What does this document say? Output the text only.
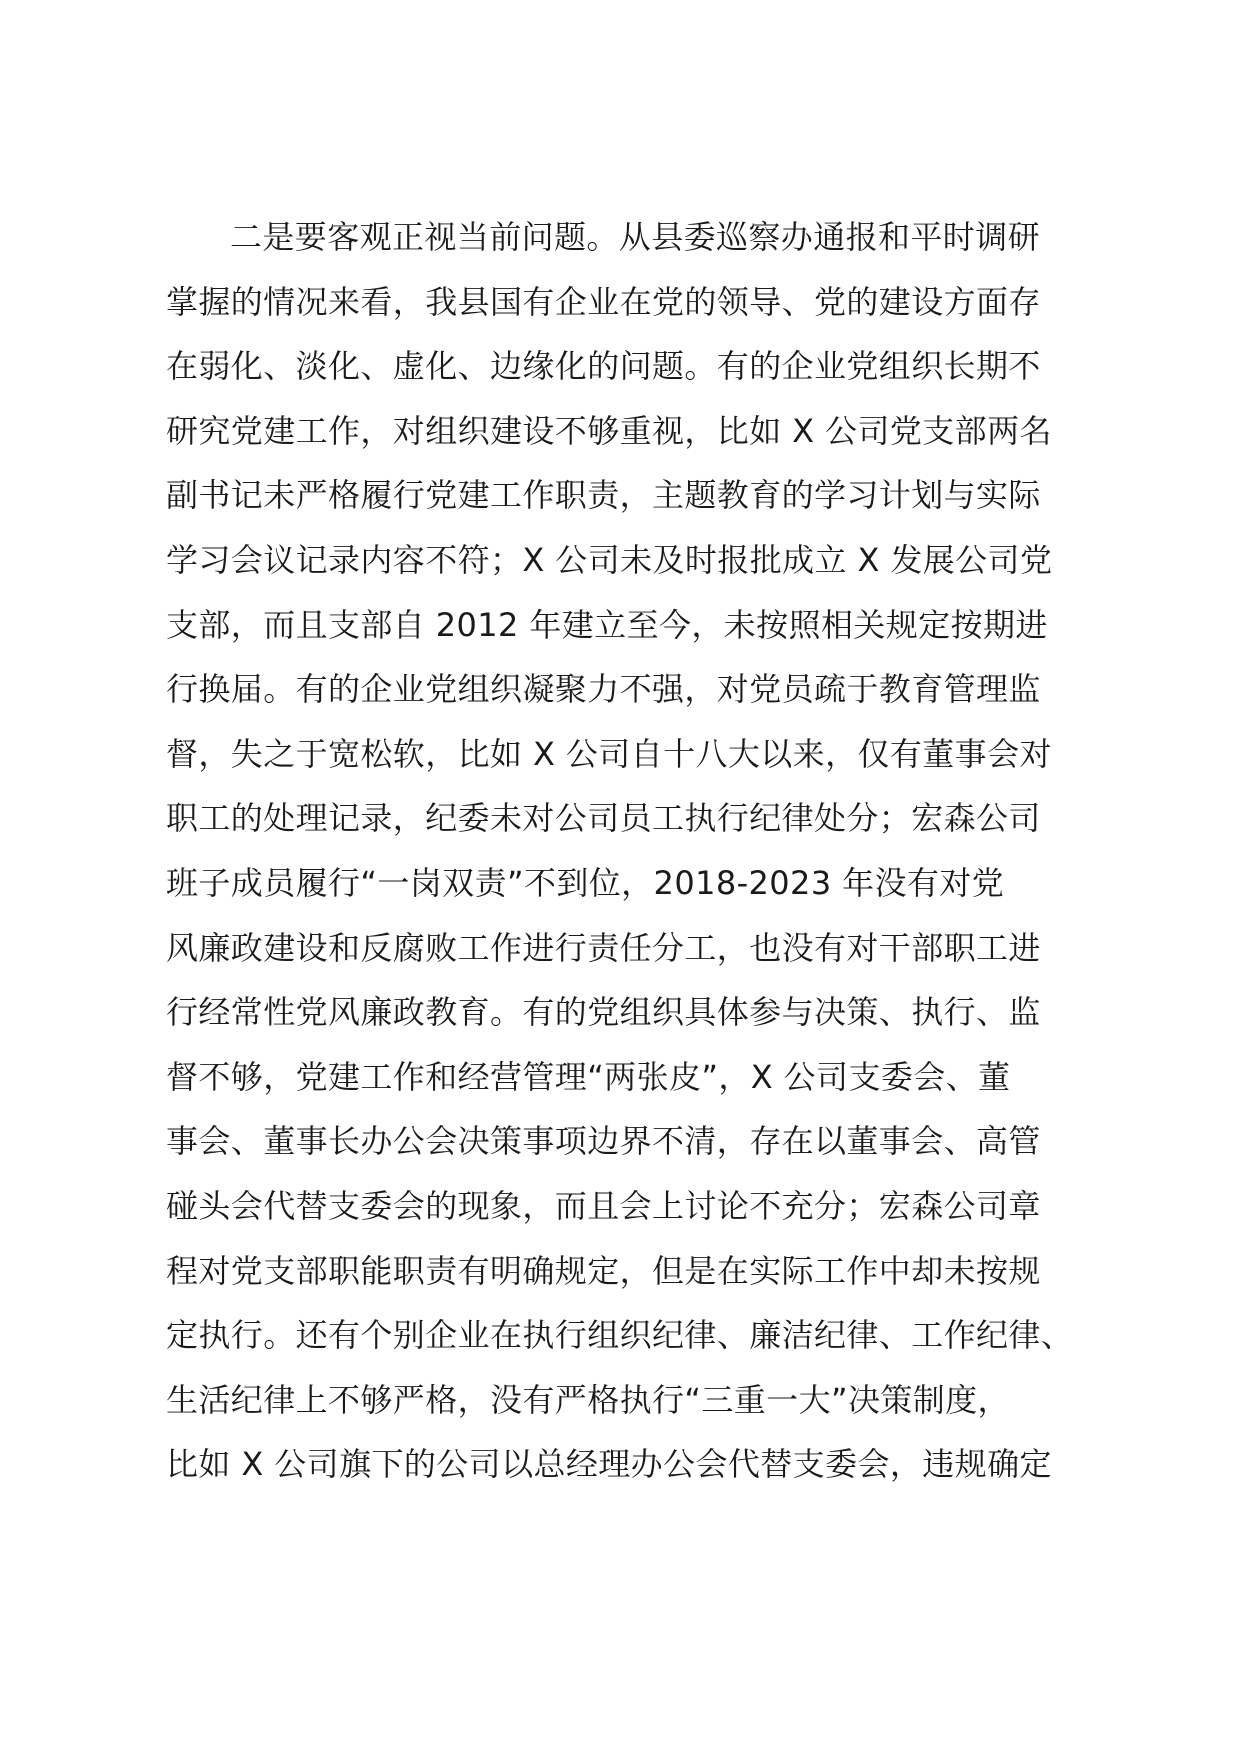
二是要客观正视当前问题。从县委巡察办通报和平时调研
掌握的情况来看，我县国有企业在党的领导、党的建设方面存
在弱化、淡化、虚化、边缘化的问题。有的企业党组织长期不
研究党建工作，对组织建设不够重视，比如 X 公司党支部两名
副书记未严格履行党建工作职责，主题教育的学习计划与实际
学习会议记录内容不符；X 公司未及时报批成立 X 发展公司党
支部，而且支部自 2012 年建立至今，未按照相关规定按期进
行换届。有的企业党组织凝聚力不强，对党员疏于教育管理监
督，失之于宽松软，比如 X 公司自十八大以来，仅有董事会对
职工的处理记录，纪委未对公司员工执行纪律处分；宏森公司
班子成员履行“一岗双责”不到位，2018-2023 年没有对党
风廉政建设和反腐败工作进行责任分工，也没有对干部职工进
行经常性党风廉政教育。有的党组织具体参与决策、执行、监
督不够，党建工作和经营管理“两张皮”，X 公司支委会、董
事会、董事长办公会决策事项边界不清，存在以董事会、高管
碰头会代替支委会的现象，而且会上讨论不充分；宏森公司章
程对党支部职能职责有明确规定，但是在实际工作中却未按规
定执行。还有个别企业在执行组织纪律、廉洁纪律、工作纪律、
生活纪律上不够严格，没有严格执行“三重一大”决策制度，
比如 X 公司旗下的公司以总经理办公会代替支委会，违规确定
